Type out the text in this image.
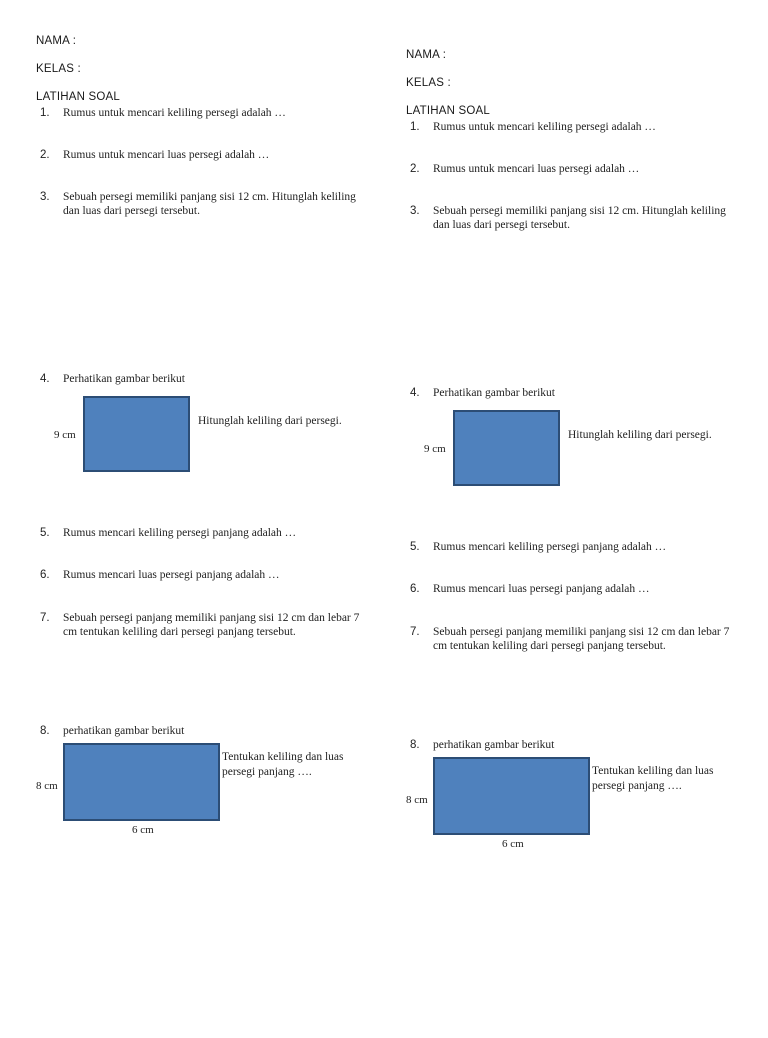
NAMA :
KELAS :
LATIHAN SOAL
1.	Rumus untuk mencari keliling persegi adalah …
2.	Rumus untuk mencari luas persegi adalah …
3.	Sebuah persegi memiliki panjang sisi 12 cm. Hitunglah keliling dan luas dari persegi tersebut.
4.	Perhatikan gambar berikut
9 cm
Hitunglah keliling dari persegi.
5.	Rumus mencari keliling persegi panjang adalah …
6.	Rumus mencari luas persegi panjang adalah …
7.	Sebuah persegi panjang memiliki panjang sisi 12 cm dan lebar 7 cm tentukan keliling dari persegi panjang tersebut.
8.	perhatikan gambar berikut
8 cm
Tentukan keliling dan luas persegi panjang ….
6 cm
NAMA :
KELAS :
LATIHAN SOAL
1.	Rumus untuk mencari keliling persegi adalah …
2.	Rumus untuk mencari luas persegi adalah …
3.	Sebuah persegi memiliki panjang sisi 12 cm. Hitunglah keliling dan luas dari persegi tersebut.
4.	Perhatikan gambar berikut
9 cm
Hitunglah keliling dari persegi.
5.	Rumus mencari keliling persegi panjang adalah …
6.	Rumus mencari luas persegi panjang adalah …
7.	Sebuah persegi panjang memiliki panjang sisi 12 cm dan lebar 7 cm tentukan keliling dari persegi panjang tersebut.
8.	perhatikan gambar berikut
8 cm
Tentukan keliling dan luas persegi panjang ….
6 cm
